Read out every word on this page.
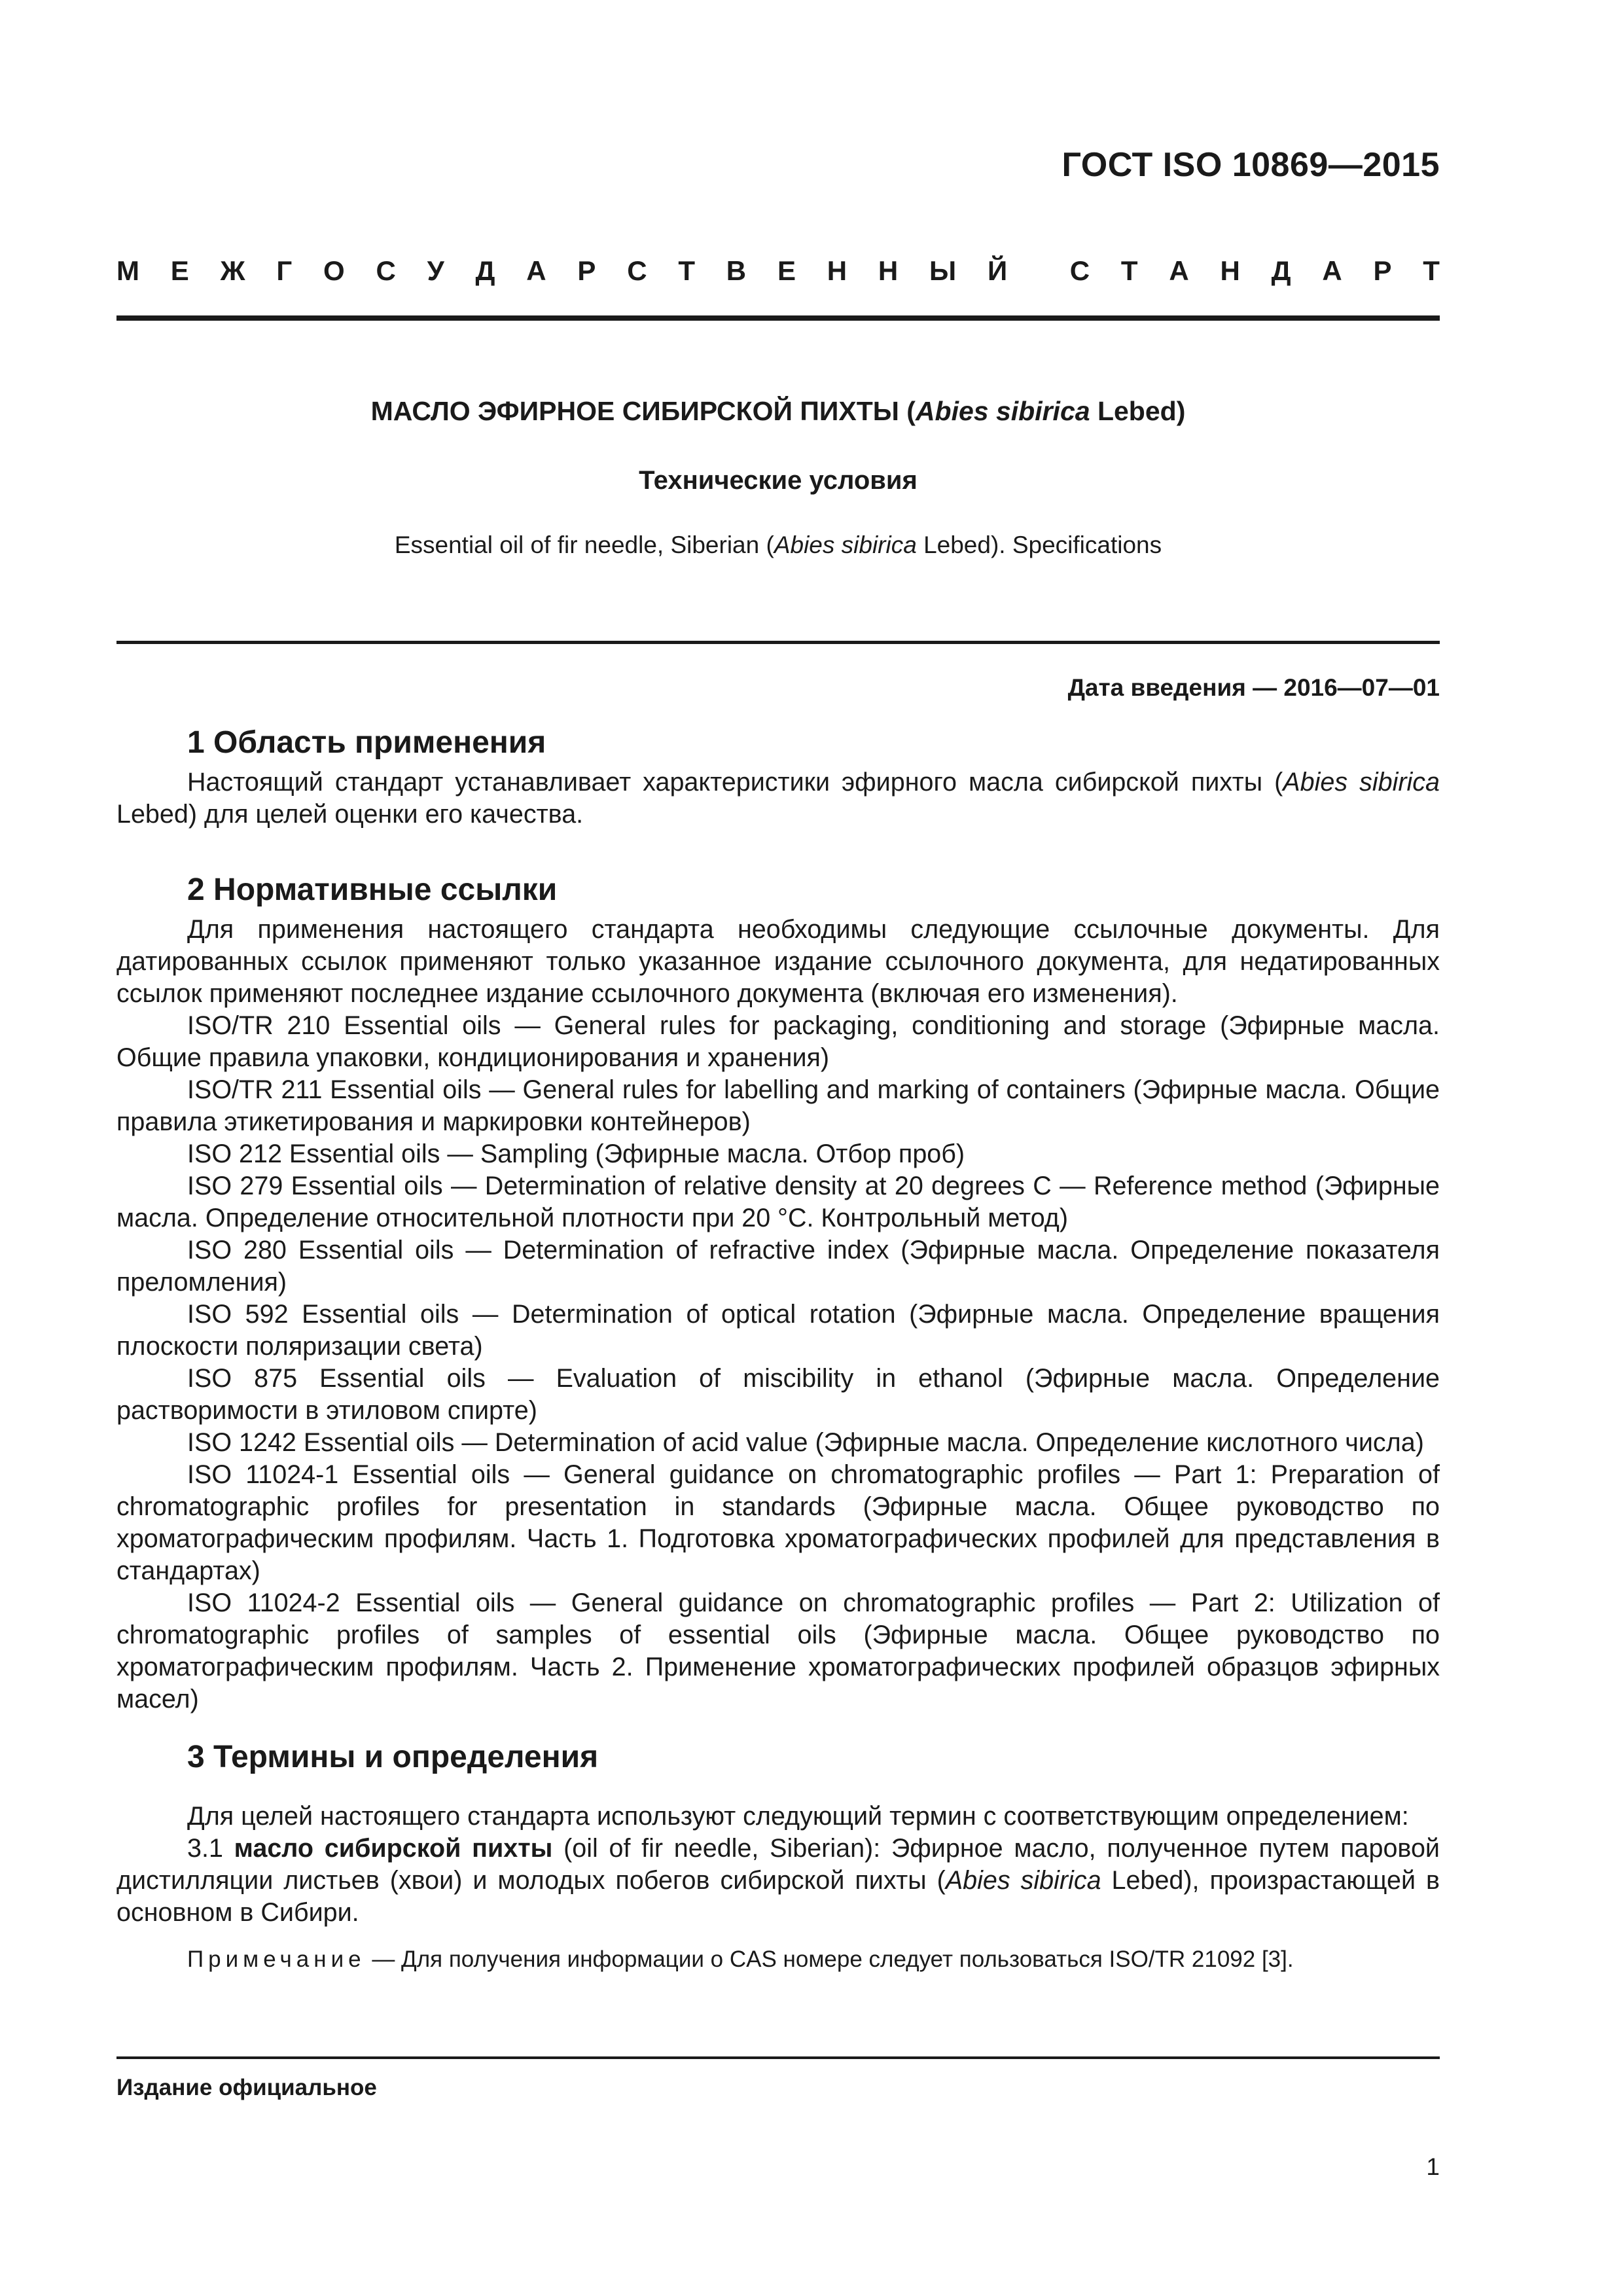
ГОСТ ISO 10869—2015
М Е Ж Г О С У Д А Р С Т В Е Н Н Ы Й С Т А Н Д А Р Т
МАСЛО ЭФИРНОЕ СИБИРСКОЙ ПИХТЫ (Abies sibirica Lebed)
Технические условия
Essential oil of fir needle, Siberian (Abies sibirica Lebed). Specifications
Дата введения — 2016—07—01
1 Область применения

Настоящий стандарт устанавливает характеристики эфирного масла сибирской пихты (Abies sibirica Lebed) для целей оценки его качества.

2 Нормативные ссылки

Для применения настоящего стандарта необходимы следующие ссылочные документы. Для датированных ссылок применяют только указанное издание ссылочного документа, для недатированных ссылок применяют последнее издание ссылочного документа (включая его изменения).

ISO/TR 210 Essential oils — General rules for packaging, conditioning and storage (Эфирные масла. Общие правила упаковки, кондиционирования и хранения)

ISO/TR 211 Essential oils — General rules for labelling and marking of containers (Эфирные масла. Общие правила этикетирования и маркировки контейнеров)

ISO 212 Essential oils — Sampling (Эфирные масла. Отбор проб)

ISO 279 Essential oils — Determination of relative density at 20 degrees C — Reference method (Эфирные масла. Определение относительной плотности при 20 °С. Контрольный метод)

ISO 280 Essential oils — Determination of refractive index (Эфирные масла. Определение показателя преломления)

ISO 592 Essential oils — Determination of optical rotation (Эфирные масла. Определение вращения плоскости поляризации света)

ISO 875 Essential oils — Evaluation of miscibility in ethanol (Эфирные масла. Определение растворимости в этиловом спирте)

ISO 1242 Essential oils — Determination of acid value (Эфирные масла. Определение кислотного числа)

ISO 11024-1 Essential oils — General guidance on chromatographic profiles — Part 1: Preparation of chromatographic profiles for presentation in standards (Эфирные масла. Общее руководство по хроматографическим профилям. Часть 1. Подготовка хроматографических профилей для представления в стандартах)

ISO 11024-2 Essential oils — General guidance on chromatographic profiles — Part 2: Utilization of chromatographic profiles of samples of essential oils (Эфирные масла. Общее руководство по хроматографическим профилям. Часть 2. Применение хроматографических профилей образцов эфирных масел)

3 Термины и определения

Для целей настоящего стандарта используют следующий термин с соответствующим определением:

3.1 масло сибирской пихты (oil of fir needle, Siberian): Эфирное масло, полученное путем паровой дистилляции листьев (хвои) и молодых побегов сибирской пихты (Abies sibirica Lebed), произрастающей в основном в Сибири.

Примечание — Для получения информации о CAS номере следует пользоваться ISO/TR 21092 [3].

Издание официальное
1
